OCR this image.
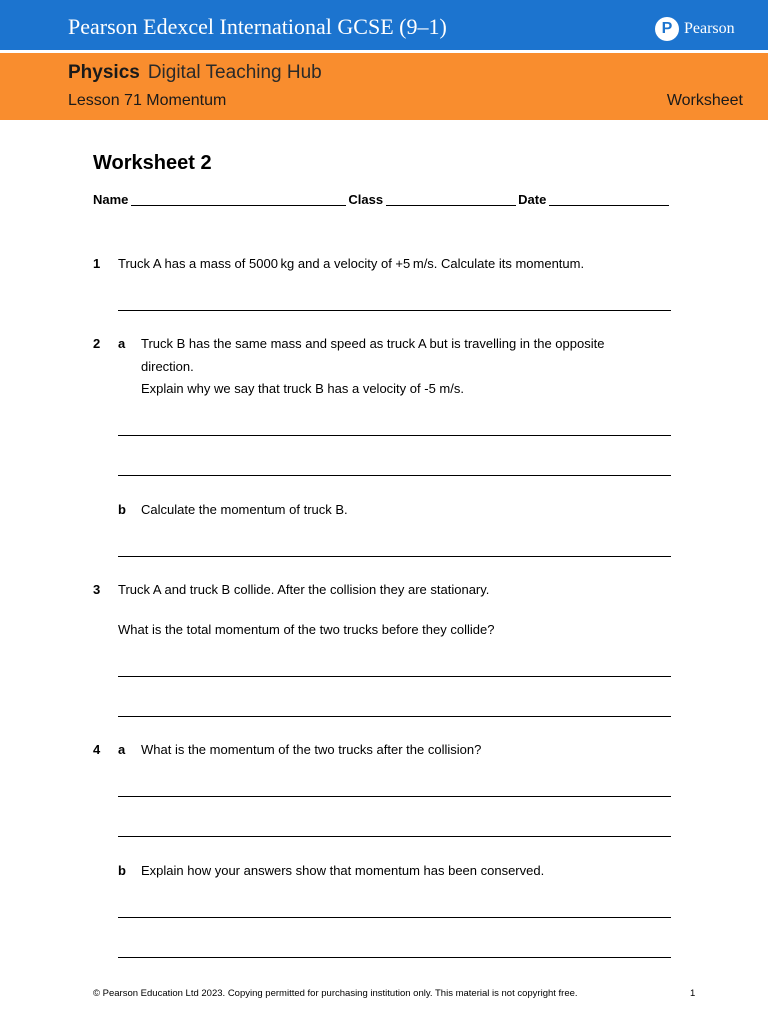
Pearson Edexcel International GCSE (9–1)	P Pearson
Physics Digital Teaching Hub
Lesson 71 Momentum	Worksheet
Worksheet 2
Name	Class	Date
1 Truck A has a mass of 5000 kg and a velocity of +5 m/s. Calculate its momentum.
2 a Truck B has the same mass and speed as truck A but is travelling in the opposite
direction.
Explain why we say that truck B has a velocity of -5 m/s.
b Calculate the momentum of truck B.
3 Truck A and truck B collide. After the collision they are stationary.
What is the total momentum of the two trucks before they collide?
4 a What is the momentum of the two trucks after the collision?
b Explain how your answers show that momentum has been conserved.
© Pearson Education Ltd 2023. Copying permitted for purchasing institution only. This material is not copyright free.	1
